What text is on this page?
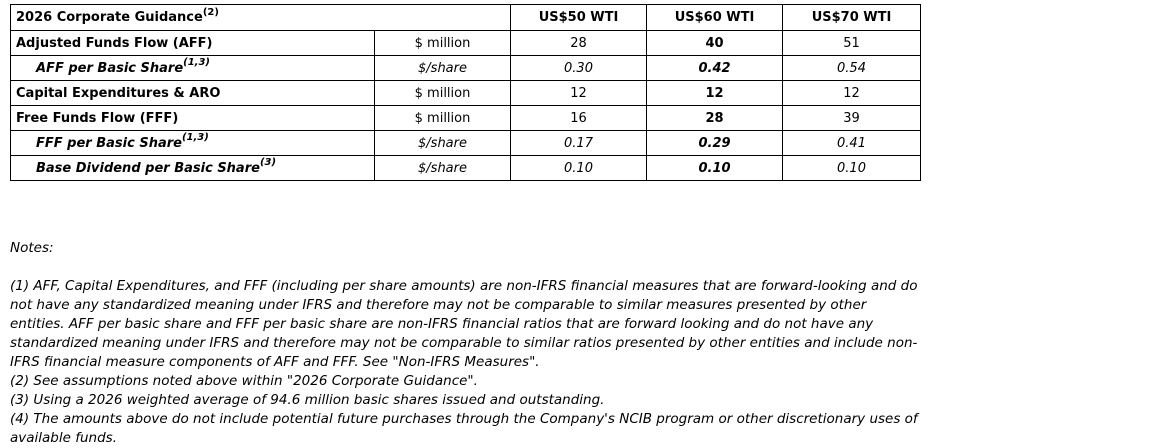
2026 Corporate Guidance$^{(2)}$		US$50 WTI	US$60 WTI	US$70 WTI
Adjusted Funds Flow (AFF)	$ million	28	40	51
AFF per Basic Share$^{(1,3)}$	$/share	0.30	0.42	0.54
Capital Expenditures & ARO	$ million	12	12	12
Free Funds Flow (FFF)	$ million	16	28	39
FFF per Basic Share$^{(1,3)}$	$/share	0.17	0.29	0.41
Base Dividend per Basic Share$^{(3)}$	$/share	0.10	0.10	0.10

Notes:

(1) AFF, Capital Expenditures, and FFF (including per share amounts) are non-IFRS financial measures that are forward-looking and do not have any standardized meaning under IFRS and therefore may not be comparable to similar measures presented by other entities. AFF per basic share and FFF per basic share are non-IFRS financial ratios that are forward looking and do not have any standardized meaning under IFRS and therefore may not be comparable to similar ratios presented by other entities and include non-IFRS financial measure components of AFF and FFF. See "Non-IFRS Measures".

(2) See assumptions noted above within "2026 Corporate Guidance".

(3) Using a 2026 weighted average of 94.6 million basic shares issued and outstanding.

(4) The amounts above do not include potential future purchases through the Company's NCIB program or other discretionary uses of available funds.
